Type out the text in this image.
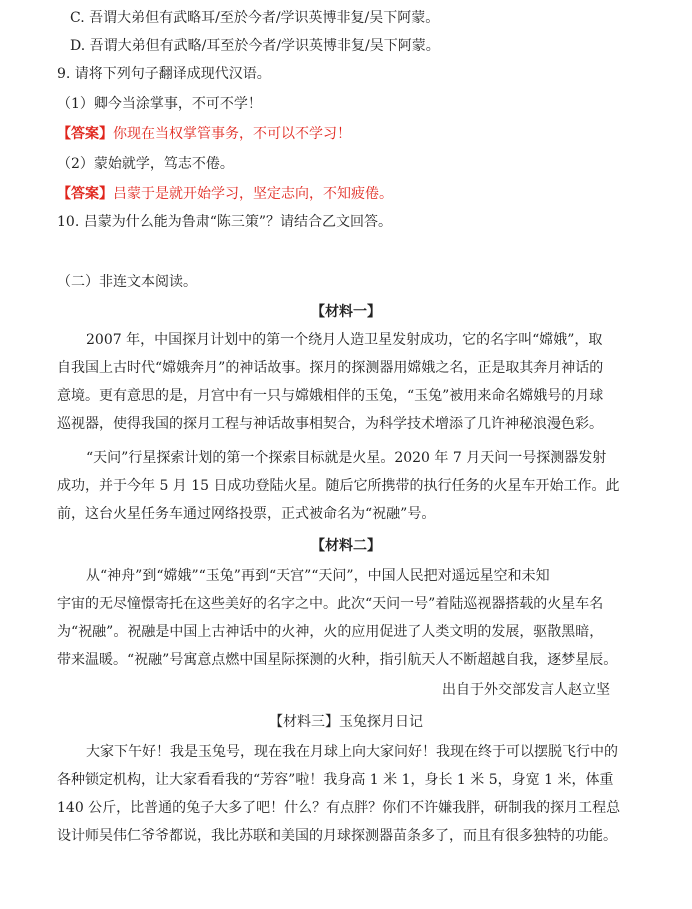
C. 吾谓大弟但有武略耳/至於今者/学识英博非复/吴下阿蒙。
D. 吾谓大弟但有武略/耳至於今者/学识英博非复/吴下阿蒙。
9. 请将下列句子翻译成现代汉语。
（1）卿今当涂掌事，不可不学！
【答案】你现在当权掌管事务，不可以不学习！
（2）蒙始就学，笃志不倦。
【答案】吕蒙于是就开始学习，坚定志向，不知疲倦。
10. 吕蒙为什么能为鲁肃“陈三策”？请结合乙文回答。
（二）非连文本阅读。
【材料一】
2007 年，中国探月计划中的第一个绕月人造卫星发射成功，它的名字叫“嫦娥”，取
自我国上古时代“嫦娥奔月”的神话故事。探月的探测器用嫦娥之名，正是取其奔月神话的
意境。更有意思的是，月宫中有一只与嫦娥相伴的玉兔，“玉兔”被用来命名嫦娥号的月球
巡视器，使得我国的探月工程与神话故事相契合，为科学技术增添了几许神秘浪漫色彩。
“天问”行星探索计划的第一个探索目标就是火星。2020 年 7 月天问一号探测器发射
成功，并于今年 5 月 15 日成功登陆火星。随后它所携带的执行任务的火星车开始工作。此
前，这台火星任务车通过网络投票，正式被命名为“祝融”号。
【材料二】
从“神舟”到“嫦娥”“玉兔”再到“天宫”“天问”，中国人民把对遥远星空和未知
宇宙的无尽憧憬寄托在这些美好的名字之中。此次“天问一号”着陆巡视器搭载的火星车名
为“祝融”。祝融是中国上古神话中的火神，火的应用促进了人类文明的发展，驱散黑暗，
带来温暖。“祝融”号寓意点燃中国星际探测的火种，指引航天人不断超越自我，逐梦星辰。
出自于外交部发言人赵立坚
【材料三】玉兔探月日记
大家下午好！我是玉兔号，现在我在月球上向大家问好！我现在终于可以摆脱飞行中的
各种锁定机构，让大家看看我的“芳容”啦！我身高 1 米 1，身长 1 米 5，身宽 1 米，体重
140 公斤，比普通的兔子大多了吧！什么？有点胖？你们不许嫌我胖，研制我的探月工程总
设计师吴伟仁爷爷都说，我比苏联和美国的月球探测器苗条多了，而且有很多独特的功能。
